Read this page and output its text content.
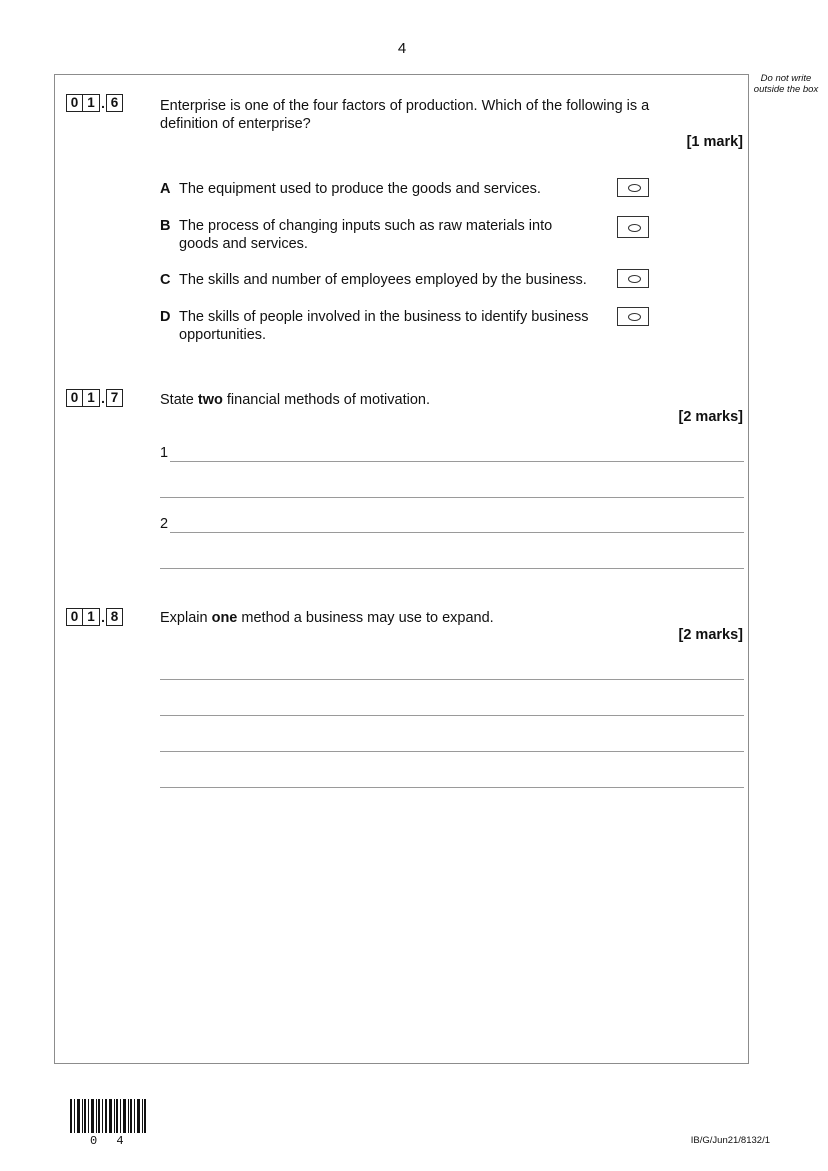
4
Do not write outside the box
0 1 . 6	Enterprise is one of the four factors of production. Which of the following is a definition of enterprise?
[1 mark]
A The equipment used to produce the goods and services.
B The process of changing inputs such as raw materials into goods and services.
C The skills and number of employees employed by the business.
D The skills of people involved in the business to identify business opportunities.
0 1 . 7	State two financial methods of motivation.
[2 marks]
1
2
0 1 . 8	Explain one method a business may use to expand.
[2 marks]
0 4	IB/G/Jun21/8132/1
